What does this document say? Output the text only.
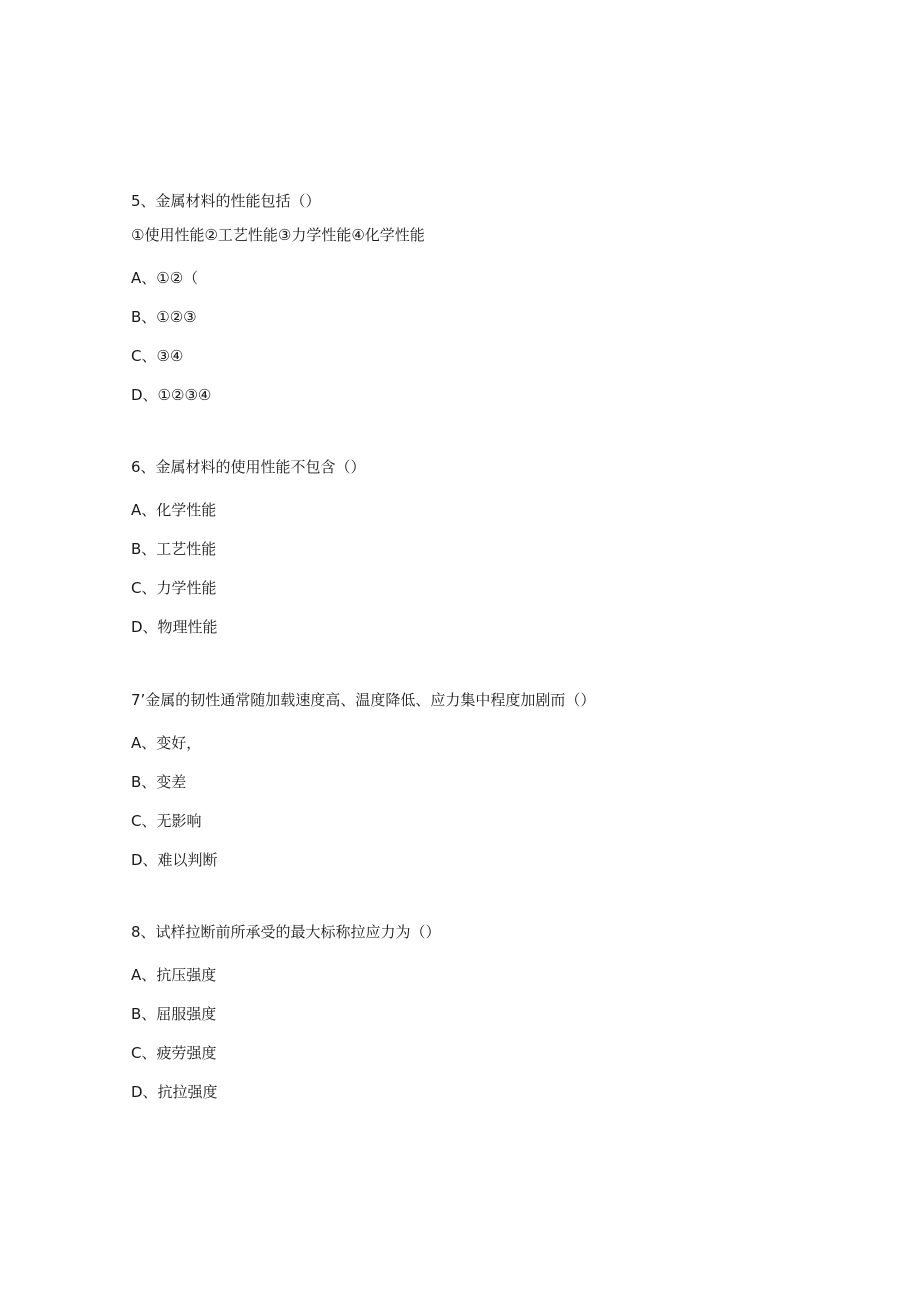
5、金属材料的性能包括（）
①使用性能②工艺性能③力学性能④化学性能
A、①②（
B、①②③
C、③④
D、①②③④
6、金属材料的使用性能不包含（）
A、化学性能
B、工艺性能
C、力学性能
D、物理性能
7’金属的韧性通常随加载速度高、温度降低、应力集中程度加剧而（）
A、变好，
B、变差
C、无影响
D、难以判断
8、试样拉断前所承受的最大标称拉应力为（）
A、抗压强度
B、屈服强度
C、疲劳强度
D、抗拉强度
